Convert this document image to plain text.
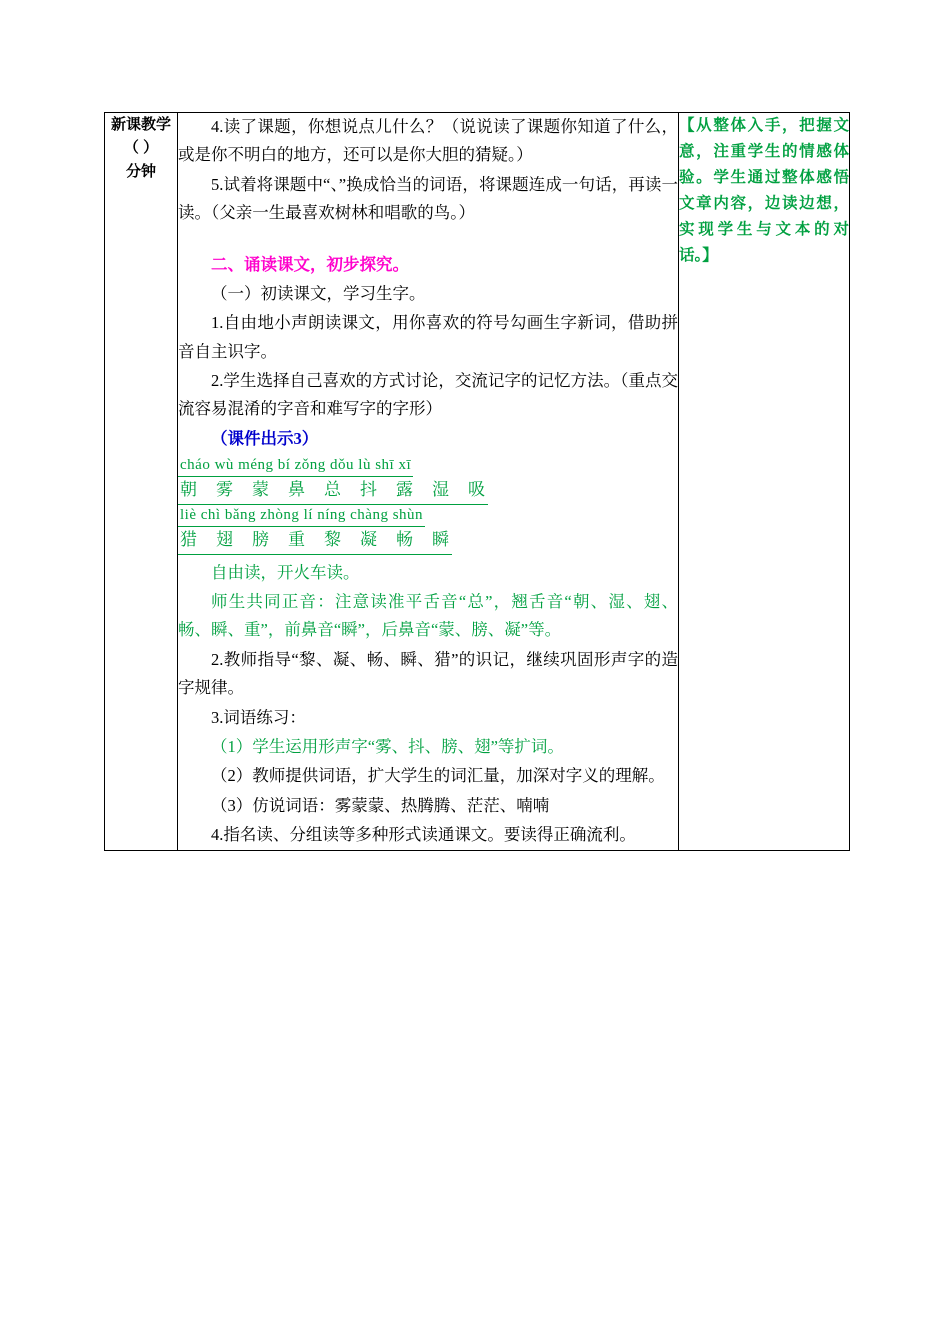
新课教学
（ ）
分钟

4.读了课题，你想说点儿什么？（说说读了课题你知道了什么，或是你不明白的地方，还可以是你大胆的猜疑。）

5.试着将课题中“、”换成恰当的词语，将课题连成一句话，再读一读。（父亲一生最喜欢树林和唱歌的鸟。）

二、诵读课文，初步探究。

（一）初读课文，学习生字。

1.自由地小声朗读课文，用你喜欢的符号勾画生字新词，借助拼音自主识字。

2.学生选择自己喜欢的方式讨论，交流记字的记忆方法。（重点交流容易混淆的字音和难写字的字形）

（课件出示3）

cháo wù méng bí zǒng dǒu lù shī xī
朝　雾　蒙　鼻　总　抖　露　湿　吸
liè chì bǎng zhòng lí níng chàng shùn
猎　翅　膀　重　黎　凝　畅　瞬

自由读，开火车读。

师生共同正音：注意读准平舌音“总”，翘舌音“朝、湿、翅、畅、瞬、重”，前鼻音“瞬”，后鼻音“蒙、膀、凝”等。

2.教师指导“黎、凝、畅、瞬、猎”的识记，继续巩固形声字的造字规律。

3.词语练习：

（1）学生运用形声字“雾、抖、膀、翅”等扩词。

（2）教师提供词语，扩大学生的词汇量，加深对字义的理解。

（3）仿说词语：雾蒙蒙、热腾腾、茫茫、喃喃

4.指名读、分组读等多种形式读通课文。要读得正确流利。

【从整体入手，把握文意，注重学生的情感体验。学生通过整体感悟文章内容，边读边想，实现学生与文本的对话。】
